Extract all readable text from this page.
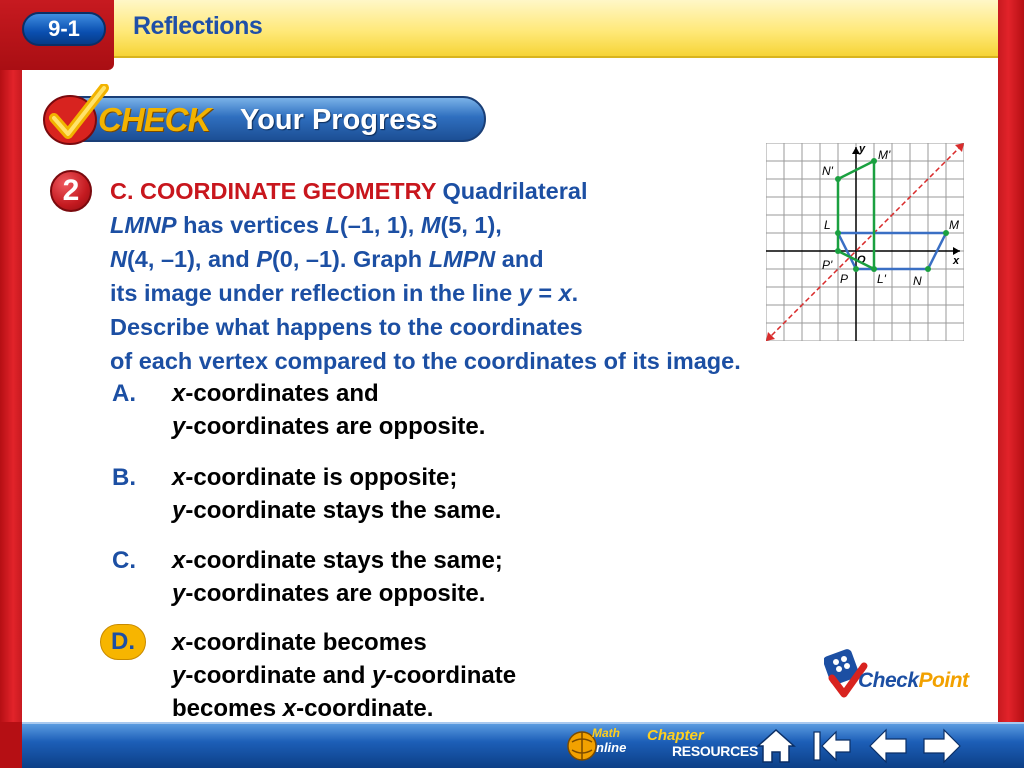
9-1	Reflections
CHECK Your Progress
2	C. COORDINATE GEOMETRY Quadrilateral
LMNP has vertices L(–1, 1), M(5, 1),
N(4, –1), and P(0, –1). Graph LMPN and
its image under reflection in the line y = x.
Describe what happens to the coordinates
of each vertex compared to the coordinates of its image.
x
y
O
N'
M'
L	M
P'
P L' N
A. x-coordinates and
y-coordinates are opposite.
B. x-coordinate is opposite;
y-coordinate stays the same.
C. x-coordinate stays the same;
y-coordinates are opposite.
D.	x-coordinate becomes
y-coordinate and y-coordinate
becomes x-coordinate.
CheckPoint
Math
nline
Chapter
RESOURCES
